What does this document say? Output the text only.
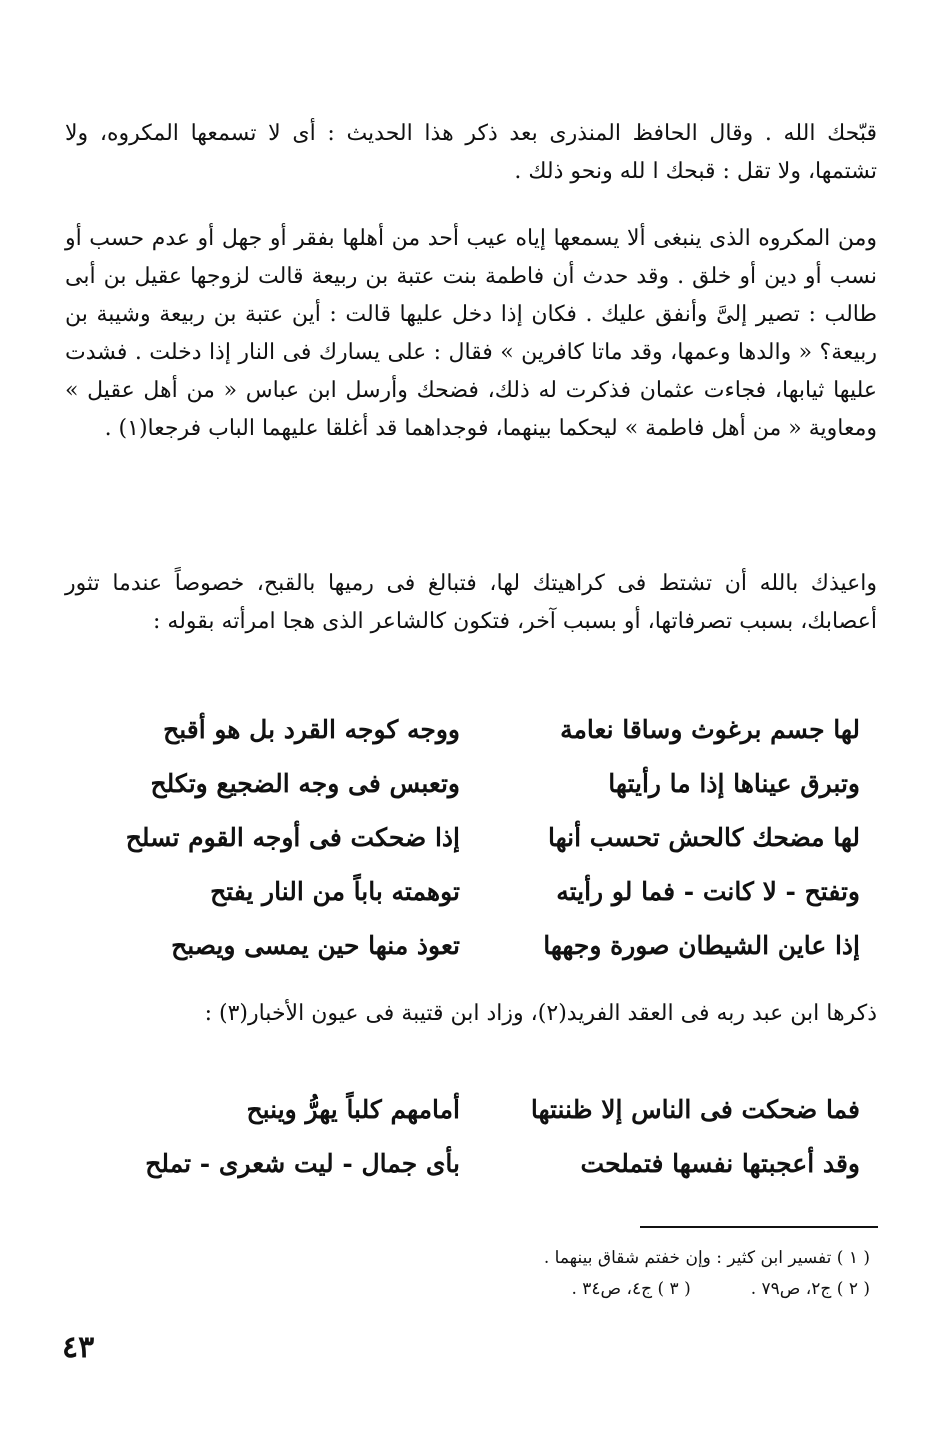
قبّحك الله . وقال الحافظ المنذرى بعد ذكر هذا الحديث : أى لا تسمعها المكروه، ولا تشتمها، ولا تقل : قبحك ا لله ونحو ذلك .

ومن المكروه الذى ينبغى ألا يسمعها إياه عيب أحد من أهلها بفقر أو جهل أو عدم حسب أو نسب أو دين أو خلق . وقد حدث أن فاطمة بنت عتبة بن ربيعة قالت لزوجها عقيل بن أبى طالب : تصير إلىَّ وأنفق عليك . فكان إذا دخل عليها قالت : أين عتبة بن ربيعة وشيبة بن ربيعة؟ « والدها وعمها، وقد ماتا كافرين » فقال : على يسارك فى النار إذا دخلت . فشدت عليها ثيابها، فجاءت عثمان فذكرت له ذلك، فضحك وأرسل ابن عباس « من أهل عقيل » ومعاوية « من أهل فاطمة » ليحكما بينهما، فوجداهما قد أغلقا عليهما الباب فرجعا(١) .

واعيذك بالله أن تشتط فى كراهيتك لها، فتبالغ فى رميها بالقبح، خصوصاً عندما تثور أعصابك، بسبب تصرفاتها، أو بسبب آخر، فتكون كالشاعر الذى هجا امرأته بقوله :

لها جسم برغوث وساقا نعامة
ووجه كوجه القرد بل هو أقبح
وتبرق عيناها إذا ما رأيتها
وتعبس فى وجه الضجيع وتكلح
لها مضحك كالحش تحسب أنها
إذا ضحكت فى أوجه القوم تسلح
وتفتح - لا كانت - فما لو رأيته
توهمته باباً من النار يفتح
إذا عاين الشيطان صورة وجهها
تعوذ منها حين يمسى ويصبح

ذكرها ابن عبد ربه فى العقد الفريد(٢)، وزاد ابن قتيبة فى عيون الأخبار(٣) :

فما ضحكت فى الناس إلا ظننتها
أمامهم كلباً يهرُّ وينبح
وقد أعجبتها نفسها فتملحت
بأى جمال - ليت شعرى - تملح
( ١ ) تفسير ابن كثير : وإن خفتم شقاق بينهما .
( ٢ ) ج٢، ص٧٩ .
( ٣ ) ج٤، ص٣٤ .
٤٣
